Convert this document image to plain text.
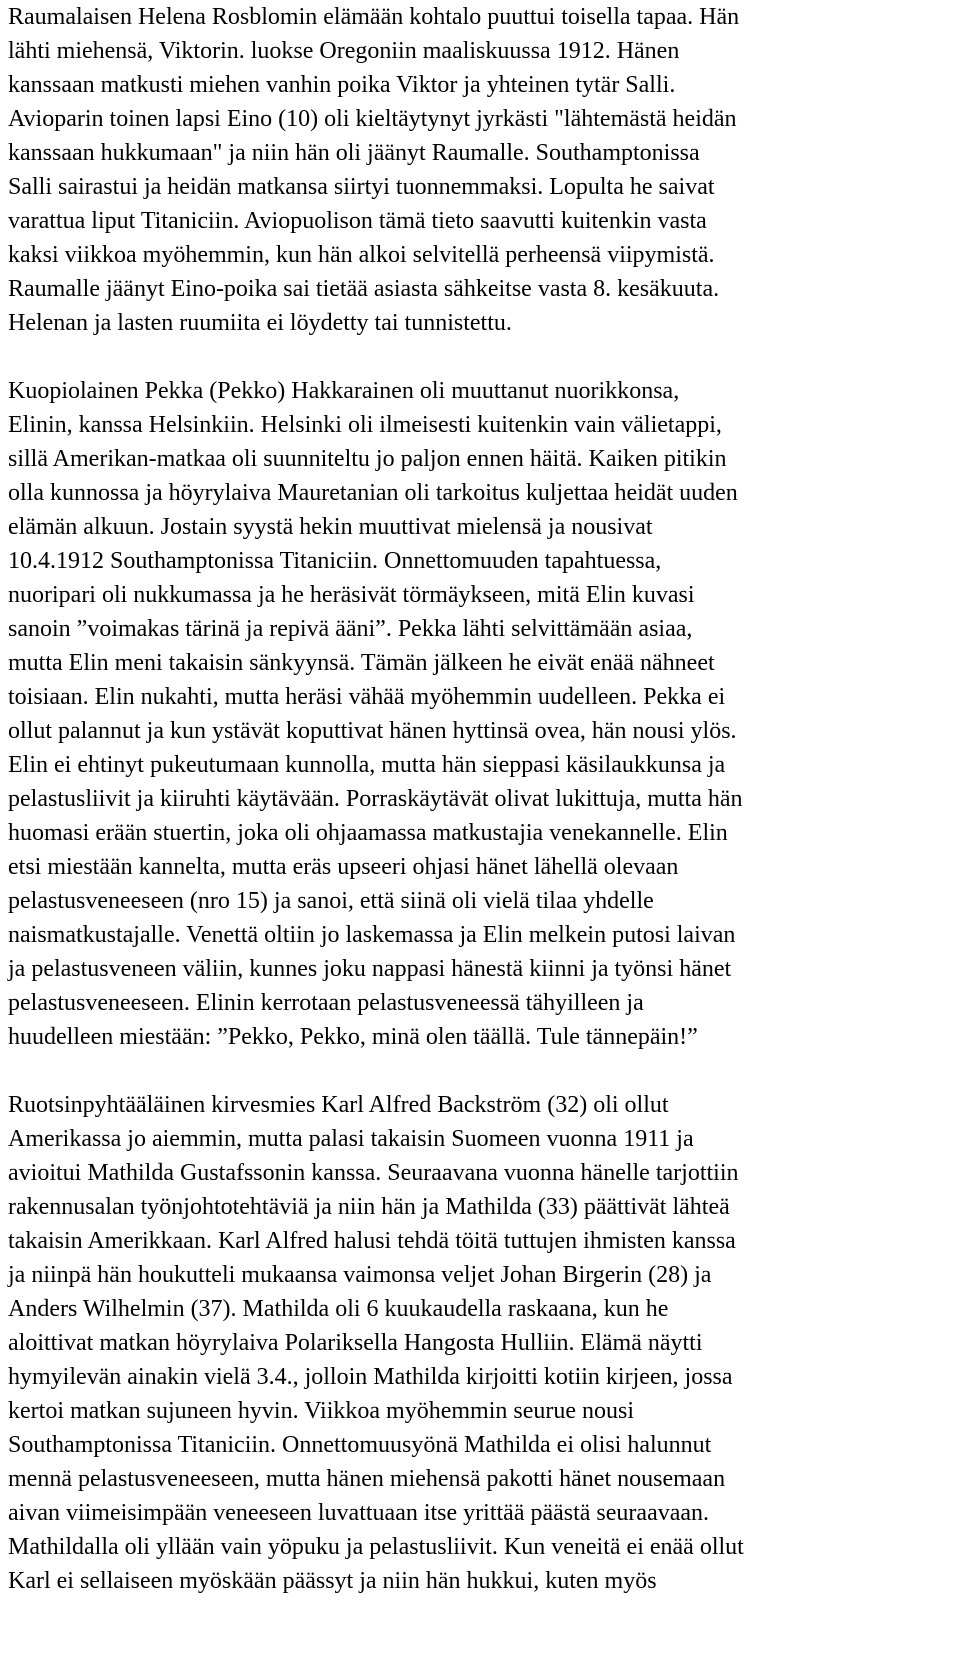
Raumalaisen Helena Rosblomin elämään kohtalo puuttui toisella tapaa. Hän
lähti miehensä, Viktorin. luokse Oregoniin maaliskuussa 1912. Hänen
kanssaan matkusti miehen vanhin poika Viktor ja yhteinen tytär Salli.
Avioparin toinen lapsi Eino (10) oli kieltäytynyt jyrkästi "lähtemästä heidän
kanssaan hukkumaan" ja niin hän oli jäänyt Raumalle. Southamptonissa
Salli sairastui ja heidän matkansa siirtyi tuonnemmaksi. Lopulta he saivat
varattua liput Titaniciin. Aviopuolison tämä tieto saavutti kuitenkin vasta
kaksi viikkoa myöhemmin, kun hän alkoi selvitellä perheensä viipymistä.
Raumalle jäänyt Eino-poika sai tietää asiasta sähkeitse vasta 8. kesäkuuta.
Helenan ja lasten ruumiita ei löydetty tai tunnistettu.
Kuopiolainen Pekka (Pekko) Hakkarainen oli muuttanut nuorikkonsa,
Elinin, kanssa Helsinkiin. Helsinki oli ilmeisesti kuitenkin vain välietappi,
sillä Amerikan-matkaa oli suunniteltu jo paljon ennen häitä. Kaiken pitikin
olla kunnossa ja höyrylaiva Mauretanian oli tarkoitus kuljettaa heidät uuden
elämän alkuun. Jostain syystä hekin muuttivat mielensä ja nousivat
10.4.1912 Southamptonissa Titaniciin. Onnettomuuden tapahtuessa,
nuoripari oli nukkumassa ja he heräsivät törmäykseen, mitä Elin kuvasi
sanoin ”voimakas tärinä ja repivä ääni”. Pekka lähti selvittämään asiaa,
mutta Elin meni takaisin sänkyynsä. Tämän jälkeen he eivät enää nähneet
toisiaan. Elin nukahti, mutta heräsi vähää myöhemmin uudelleen. Pekka ei
ollut palannut ja kun ystävät koputtivat hänen hyttinsä ovea, hän nousi ylös.
Elin ei ehtinyt pukeutumaan kunnolla, mutta hän sieppasi käsilaukkunsa ja
pelastusliivit ja kiiruhti käytävään. Porraskäytävät olivat lukittuja, mutta hän
huomasi erään stuertin, joka oli ohjaamassa matkustajia venekannelle. Elin
etsi miestään kannelta, mutta eräs upseeri ohjasi hänet lähellä olevaan
pelastusveneeseen (nro 15) ja sanoi, että siinä oli vielä tilaa yhdelle
naismatkustajalle. Venettä oltiin jo laskemassa ja Elin melkein putosi laivan
ja pelastusveneen väliin, kunnes joku nappasi hänestä kiinni ja työnsi hänet
pelastusveneeseen. Elinin kerrotaan pelastusveneessä tähyilleen ja
huudelleen miestään: ”Pekko, Pekko, minä olen täällä. Tule tännepäin!”
Ruotsinpyhtääläinen kirvesmies Karl Alfred Backström (32) oli ollut
Amerikassa jo aiemmin, mutta palasi takaisin Suomeen vuonna 1911 ja
avioitui Mathilda Gustafssonin kanssa. Seuraavana vuonna hänelle tarjottiin
rakennusalan työnjohtotehtäviä ja niin hän ja Mathilda (33) päättivät lähteä
takaisin Amerikkaan. Karl Alfred halusi tehdä töitä tuttujen ihmisten kanssa
ja niinpä hän houkutteli mukaansa vaimonsa veljet Johan Birgerin (28) ja
Anders Wilhelmin (37). Mathilda oli 6 kuukaudella raskaana, kun he
aloittivat matkan höyrylaiva Polariksella Hangosta Hulliin. Elämä näytti
hymyilevän ainakin vielä 3.4., jolloin Mathilda kirjoitti kotiin kirjeen, jossa
kertoi matkan sujuneen hyvin. Viikkoa myöhemmin seurue nousi
Southamptonissa Titaniciin. Onnettomuusyönä Mathilda ei olisi halunnut
mennä pelastusveneeseen, mutta hänen miehensä pakotti hänet nousemaan
aivan viimeisimpään veneeseen luvattuaan itse yrittää päästä seuraavaan.
Mathildalla oli yllään vain yöpuku ja pelastusliivit. Kun veneitä ei enää ollut
Karl ei sellaiseen myöskään päässyt ja niin hän hukkui, kuten myös
